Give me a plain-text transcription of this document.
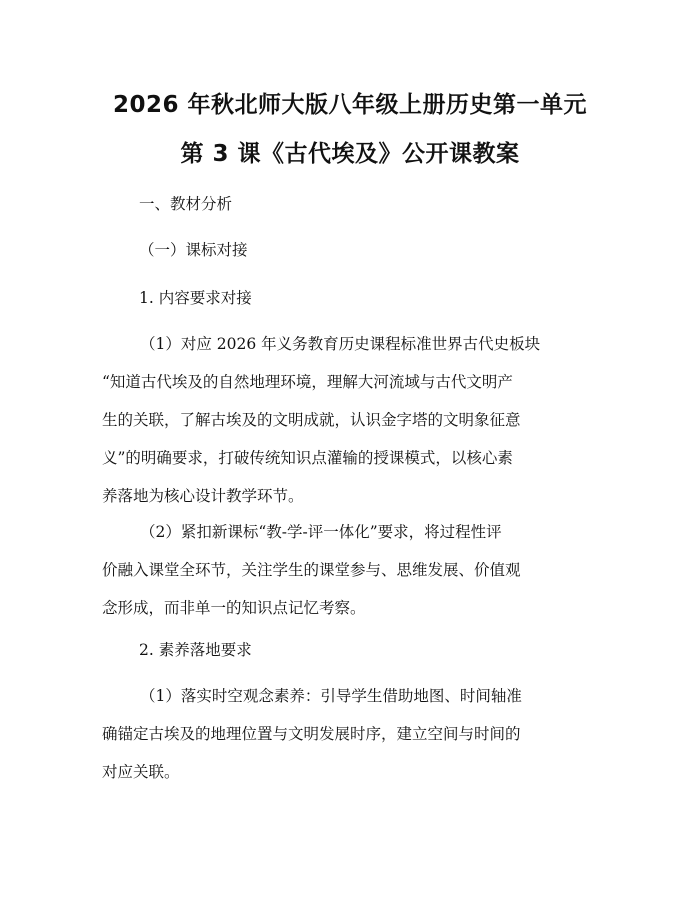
2026 年秋北师大版八年级上册历史第一单元
第 3 课《古代埃及》公开课教案
一、教材分析
（一）课标对接
1. 内容要求对接
（1）对应 2026 年义务教育历史课程标准世界古代史板块
“知道古代埃及的自然地理环境，理解大河流域与古代文明产
生的关联，了解古埃及的文明成就，认识金字塔的文明象征意
义”的明确要求，打破传统知识点灌输的授课模式，以核心素
养落地为核心设计教学环节。
（2）紧扣新课标“教-学-评一体化”要求，将过程性评
价融入课堂全环节，关注学生的课堂参与、思维发展、价值观
念形成，而非单一的知识点记忆考察。
2. 素养落地要求
（1）落实时空观念素养：引导学生借助地图、时间轴准
确锚定古埃及的地理位置与文明发展时序，建立空间与时间的
对应关联。
